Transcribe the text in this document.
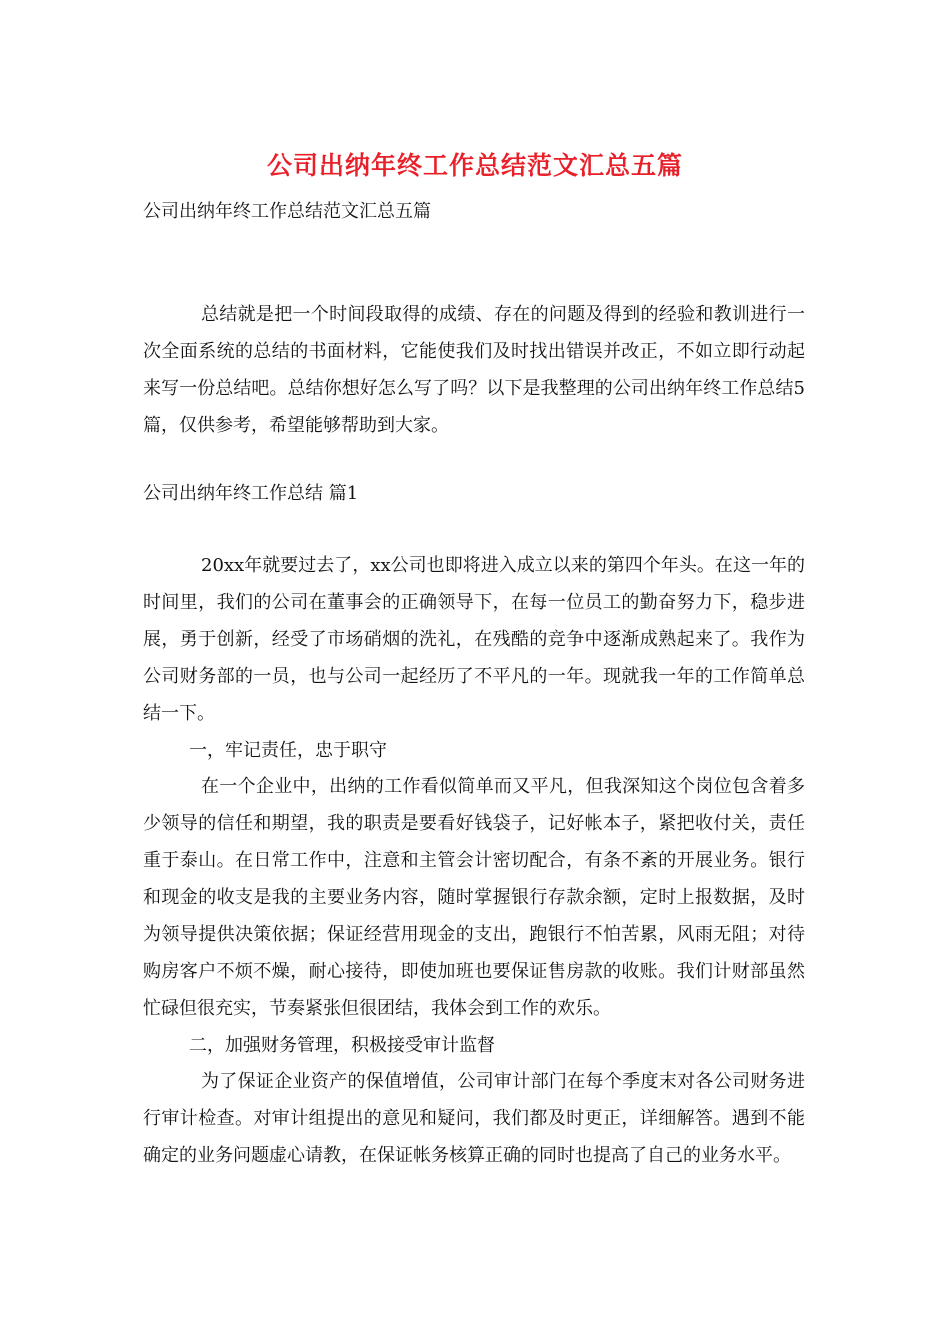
公司出纳年终工作总结范文汇总五篇
公司出纳年终工作总结范文汇总五篇
总结就是把一个时间段取得的成绩、存在的问题及得到的经验和教训进行一次全面系统的总结的书面材料，它能使我们及时找出错误并改正，不如立即行动起来写一份总结吧。总结你想好怎么写了吗？以下是我整理的公司出纳年终工作总结5篇，仅供参考，希望能够帮助到大家。
公司出纳年终工作总结 篇1
20xx年就要过去了，xx公司也即将进入成立以来的第四个年头。在这一年的时间里，我们的公司在董事会的正确领导下，在每一位员工的勤奋努力下，稳步进展，勇于创新，经受了市场硝烟的洗礼，在残酷的竞争中逐渐成熟起来了。我作为公司财务部的一员，也与公司一起经历了不平凡的一年。现就我一年的工作简单总结一下。
一，牢记责任，忠于职守
在一个企业中，出纳的工作看似简单而又平凡，但我深知这个岗位包含着多少领导的信任和期望，我的职责是要看好钱袋子，记好帐本子，紧把收付关，责任重于泰山。在日常工作中，注意和主管会计密切配合，有条不紊的开展业务。银行和现金的收支是我的主要业务内容，随时掌握银行存款余额，定时上报数据，及时为领导提供决策依据；保证经营用现金的支出，跑银行不怕苦累，风雨无阻；对待购房客户不烦不燥，耐心接待，即使加班也要保证售房款的收账。我们计财部虽然忙碌但很充实，节奏紧张但很团结，我体会到工作的欢乐。
二，加强财务管理，积极接受审计监督
为了保证企业资产的保值增值，公司审计部门在每个季度末对各公司财务进行审计检查。对审计组提出的意见和疑问，我们都及时更正，详细解答。遇到不能确定的业务问题虚心请教，在保证帐务核算正确的同时也提高了自己的业务水平。
